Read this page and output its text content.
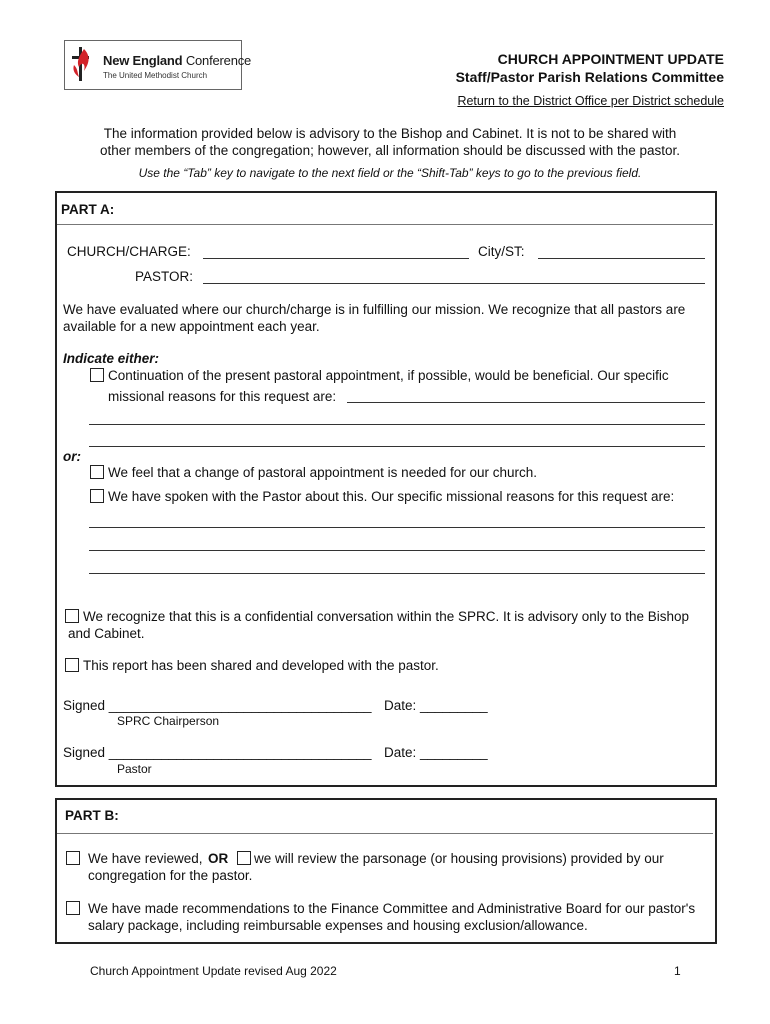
New England Conference
The United Methodist Church
CHURCH APPOINTMENT UPDATE
Staff/Pastor Parish Relations Committee
Return to the District Office per District schedule
The information provided below is advisory to the Bishop and Cabinet. It is not to be shared with
other members of the congregation; however, all information should be discussed with the pastor.
Use the “Tab” key to navigate to the next field or the “Shift-Tab” keys to go to the previous field.
PART A:
CHURCH/CHARGE:	City/ST:
PASTOR:
We have evaluated where our church/charge is in fulfilling our mission. We recognize that all pastors are
available for a new appointment each year.
Indicate either:
Continuation of the present pastoral appointment, if possible, would be beneficial. Our specific
missional reasons for this request are:
or:
We feel that a change of pastoral appointment is needed for our church.
We have spoken with the Pastor about this. Our specific missional reasons for this request are:
We recognize that this is a confidential conversation within the SPRC. It is advisory only to the Bishop
and Cabinet.
This report has been shared and developed with the pastor.
Signed ___________________________________ Date: _________
SPRC Chairperson
Signed ___________________________________ Date: _________
Pastor
PART B:
We have reviewed, OR we will review the parsonage (or housing provisions) provided by our
congregation for the pastor.
We have made recommendations to the Finance Committee and Administrative Board for our pastor's
salary package, including reimbursable expenses and housing exclusion/allowance.
Church Appointment Update revised Aug 2022	1
